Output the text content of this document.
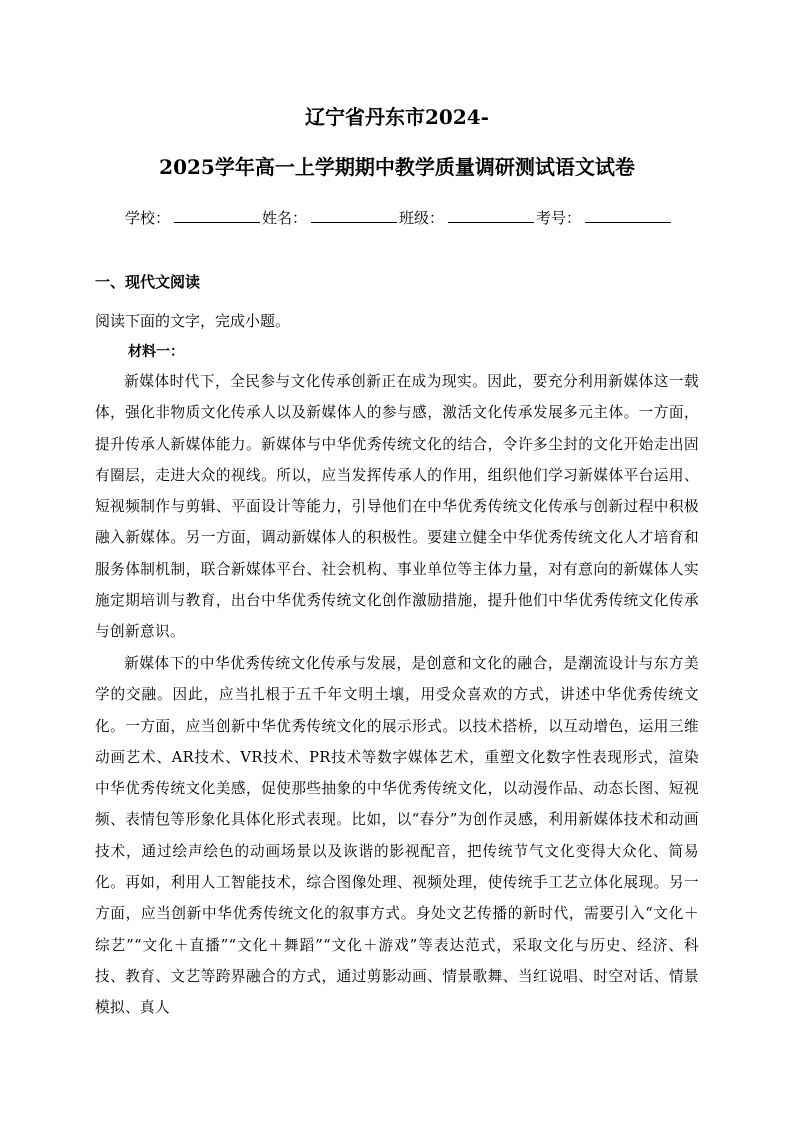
辽宁省丹东市2024-
2025学年高一上学期期中教学质量调研测试语文试卷
学校：	姓名：	班级：	考号：
一、现代文阅读
阅读下面的文字，完成小题。
材料一：

新媒体时代下，全民参与文化传承创新正在成为现实。因此，要充分利用新媒体这一载体，强化非物质文化传承人以及新媒体人的参与感，激活文化传承发展多元主体。一方面，提升传承人新媒体能力。新媒体与中华优秀传统文化的结合，令许多尘封的文化开始走出固有圈层，走进大众的视线。所以，应当发挥传承人的作用，组织他们学习新媒体平台运用、短视频制作与剪辑、平面设计等能力，引导他们在中华优秀传统文化传承与创新过程中积极融入新媒体。另一方面，调动新媒体人的积极性。要建立健全中华优秀传统文化人才培育和服务体制机制，联合新媒体平台、社会机构、事业单位等主体力量，对有意向的新媒体人实施定期培训与教育，出台中华优秀传统文化创作激励措施，提升他们中华优秀传统文化传承与创新意识。

新媒体下的中华优秀传统文化传承与发展，是创意和文化的融合，是潮流设计与东方美学的交融。因此，应当扎根于五千年文明土壤，用受众喜欢的方式，讲述中华优秀传统文化。一方面，应当创新中华优秀传统文化的展示形式。以技术搭桥，以互动增色，运用三维动画艺术、AR技术、VR技术、PR技术等数字媒体艺术，重塑文化数字性表现形式，渲染中华优秀传统文化美感，促使那些抽象的中华优秀传统文化，以动漫作品、动态长图、短视频、表情包等形象化具体化形式表现。比如，以“春分”为创作灵感，利用新媒体技术和动画技术，通过绘声绘色的动画场景以及诙谐的影视配音，把传统节气文化变得大众化、简易化。再如，利用人工智能技术，综合图像处理、视频处理，使传统手工艺立体化展现。另一方面，应当创新中华优秀传统文化的叙事方式。身处文艺传播的新时代，需要引入“文化＋综艺”“文化＋直播”“文化＋舞蹈”“文化＋游戏”等表达范式，采取文化与历史、经济、科技、教育、文艺等跨界融合的方式，通过剪影动画、情景歌舞、当红说唱、时空对话、情景模拟、真人
